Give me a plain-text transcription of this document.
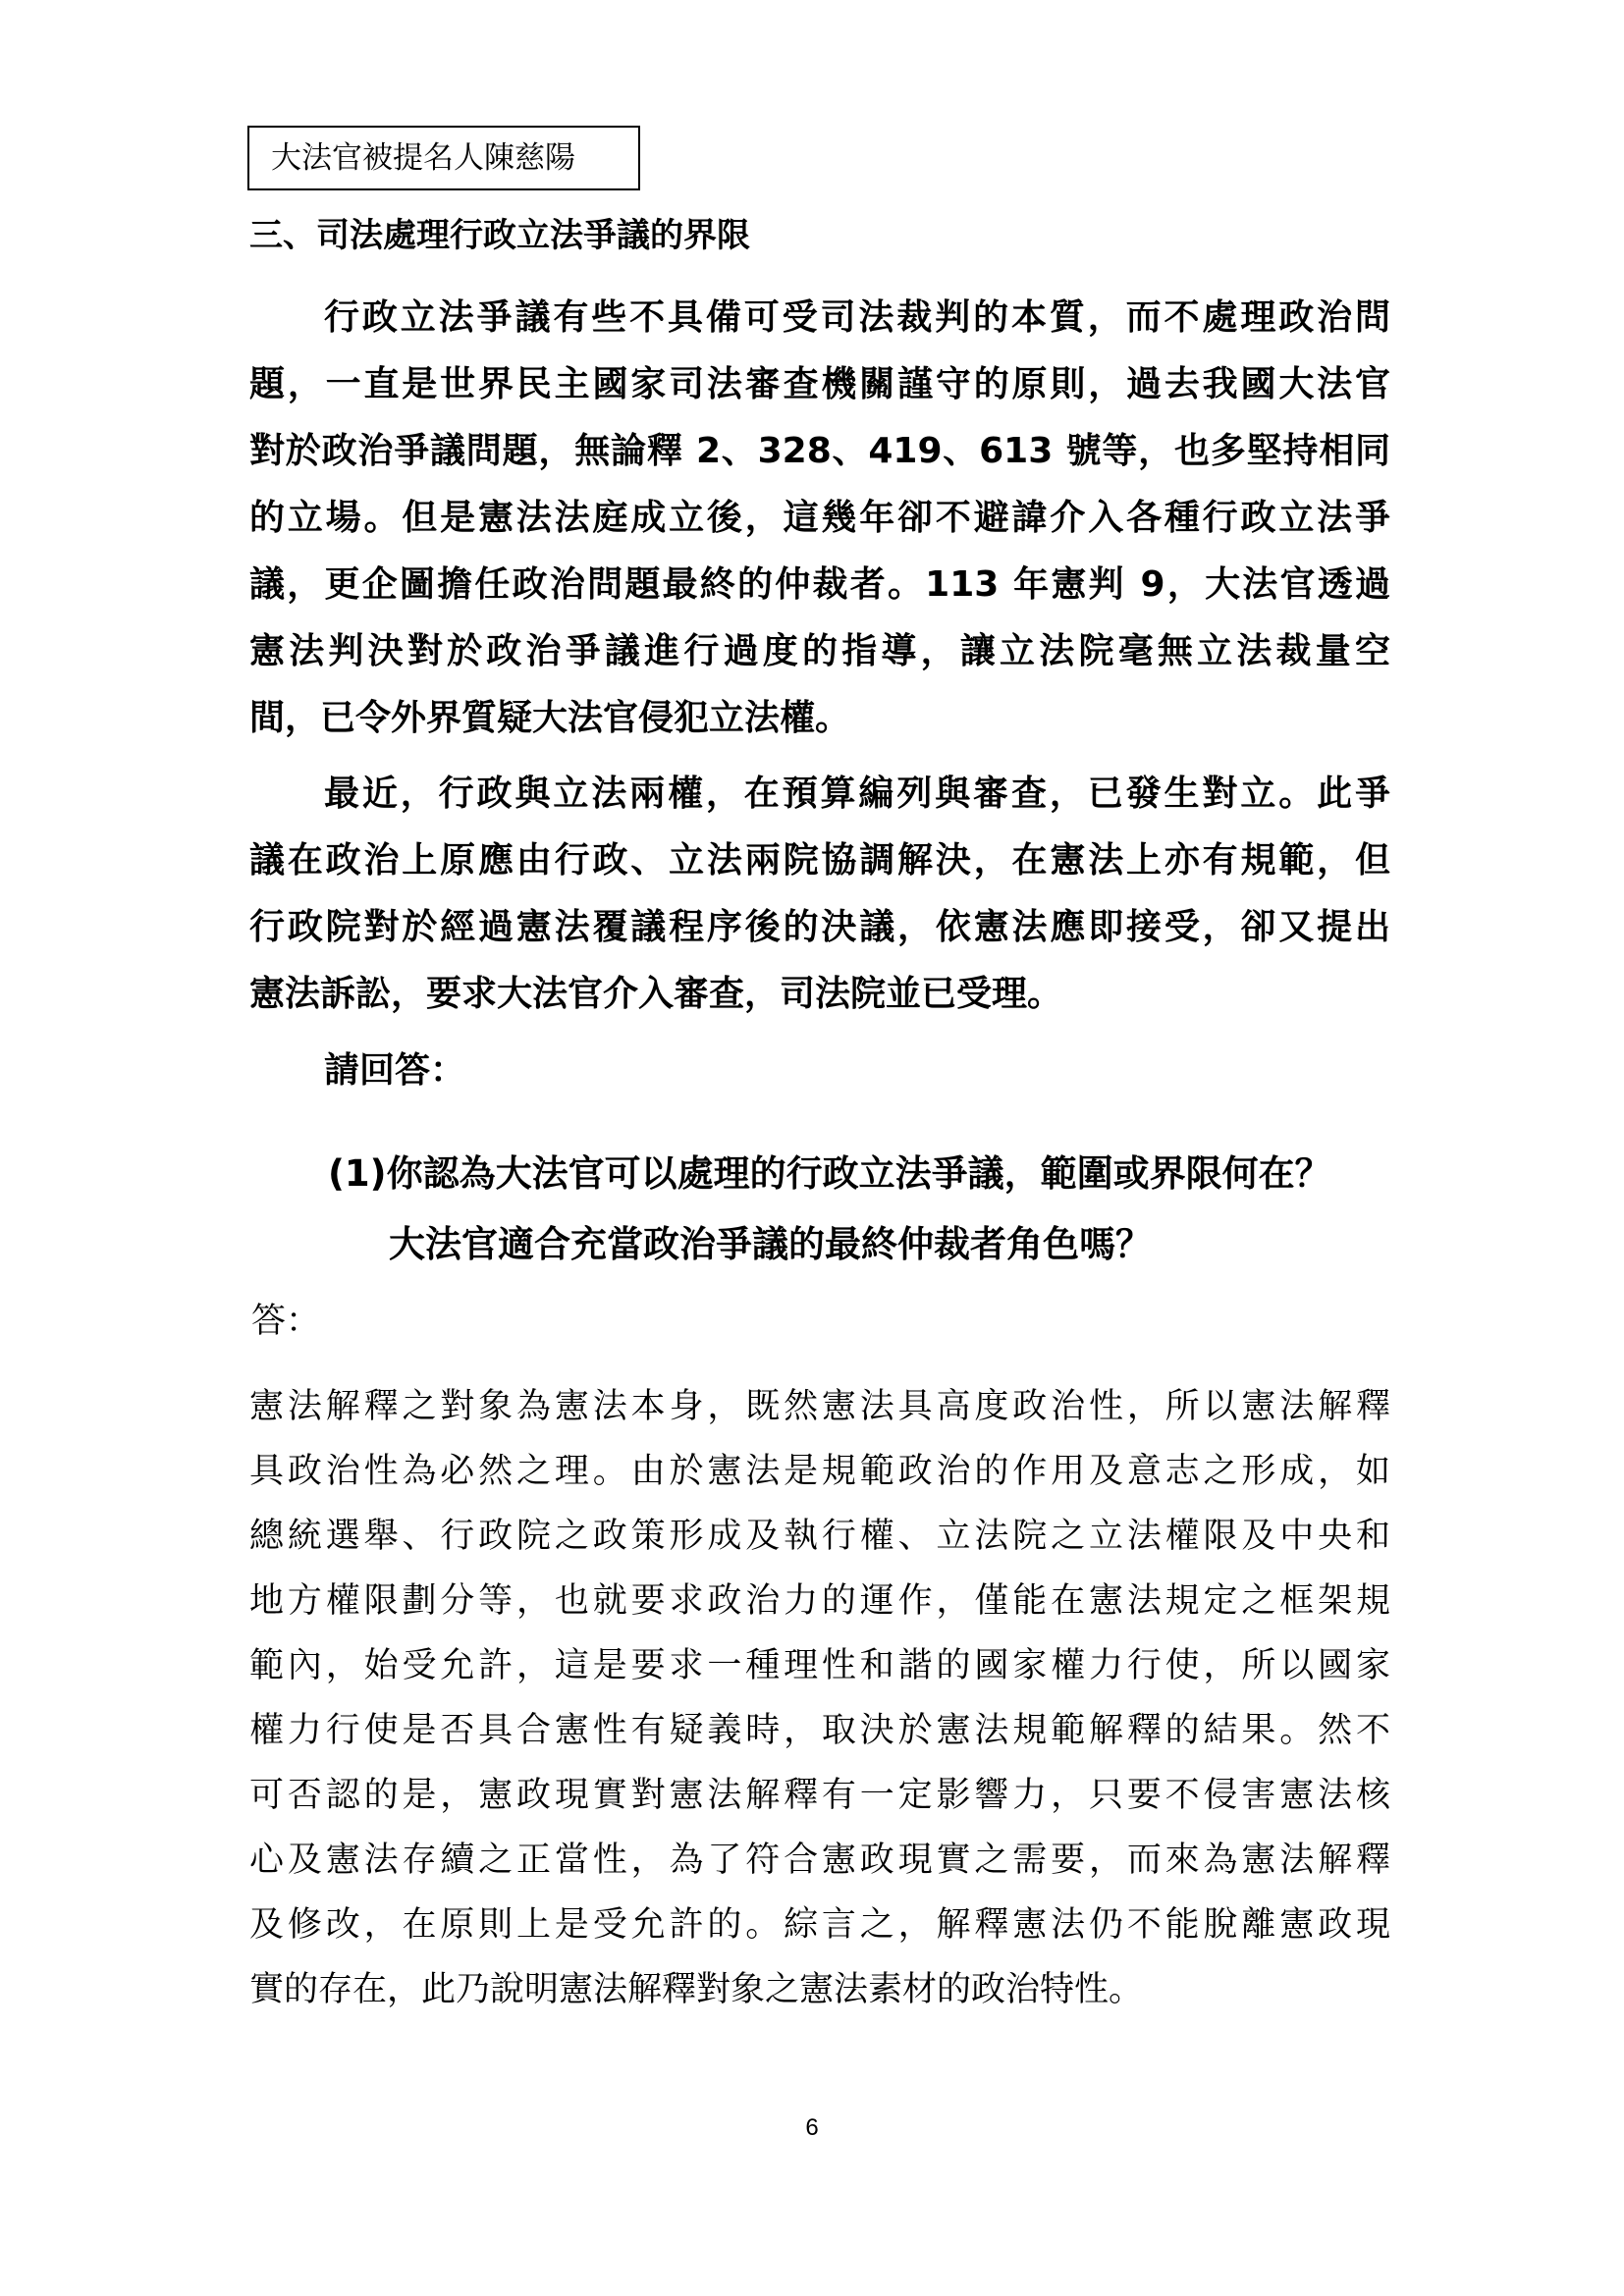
大法官被提名人陳慈陽
三、司法處理行政立法爭議的界限
行政立法爭議有些不具備可受司法裁判的本質，而不處理政治問
題，一直是世界民主國家司法審查機關謹守的原則，過去我國大法官
對於政治爭議問題，無論釋 2、328、419、613 號等，也多堅持相同
的立場。但是憲法法庭成立後，這幾年卻不避諱介入各種行政立法爭
議，更企圖擔任政治問題最終的仲裁者。113 年憲判 9，大法官透過
憲法判決對於政治爭議進行過度的指導，讓立法院毫無立法裁量空
間，已令外界質疑大法官侵犯立法權。
最近，行政與立法兩權，在預算編列與審查，已發生對立。此爭
議在政治上原應由行政、立法兩院協調解決，在憲法上亦有規範，但
行政院對於經過憲法覆議程序後的決議，依憲法應即接受，卻又提出
憲法訴訟，要求大法官介入審查，司法院並已受理。
請回答：
(1)你認為大法官可以處理的行政立法爭議，範圍或界限何在？
大法官適合充當政治爭議的最終仲裁者角色嗎？
答：
憲法解釋之對象為憲法本身，既然憲法具高度政治性，所以憲法解釋
具政治性為必然之理。由於憲法是規範政治的作用及意志之形成，如
總統選舉、行政院之政策形成及執行權、立法院之立法權限及中央和
地方權限劃分等，也就要求政治力的運作，僅能在憲法規定之框架規
範內，始受允許，這是要求一種理性和諧的國家權力行使，所以國家
權力行使是否具合憲性有疑義時，取決於憲法規範解釋的結果。然不
可否認的是，憲政現實對憲法解釋有一定影響力，只要不侵害憲法核
心及憲法存續之正當性，為了符合憲政現實之需要，而來為憲法解釋
及修改，在原則上是受允許的。綜言之，解釋憲法仍不能脫離憲政現
實的存在，此乃說明憲法解釋對象之憲法素材的政治特性。
6
